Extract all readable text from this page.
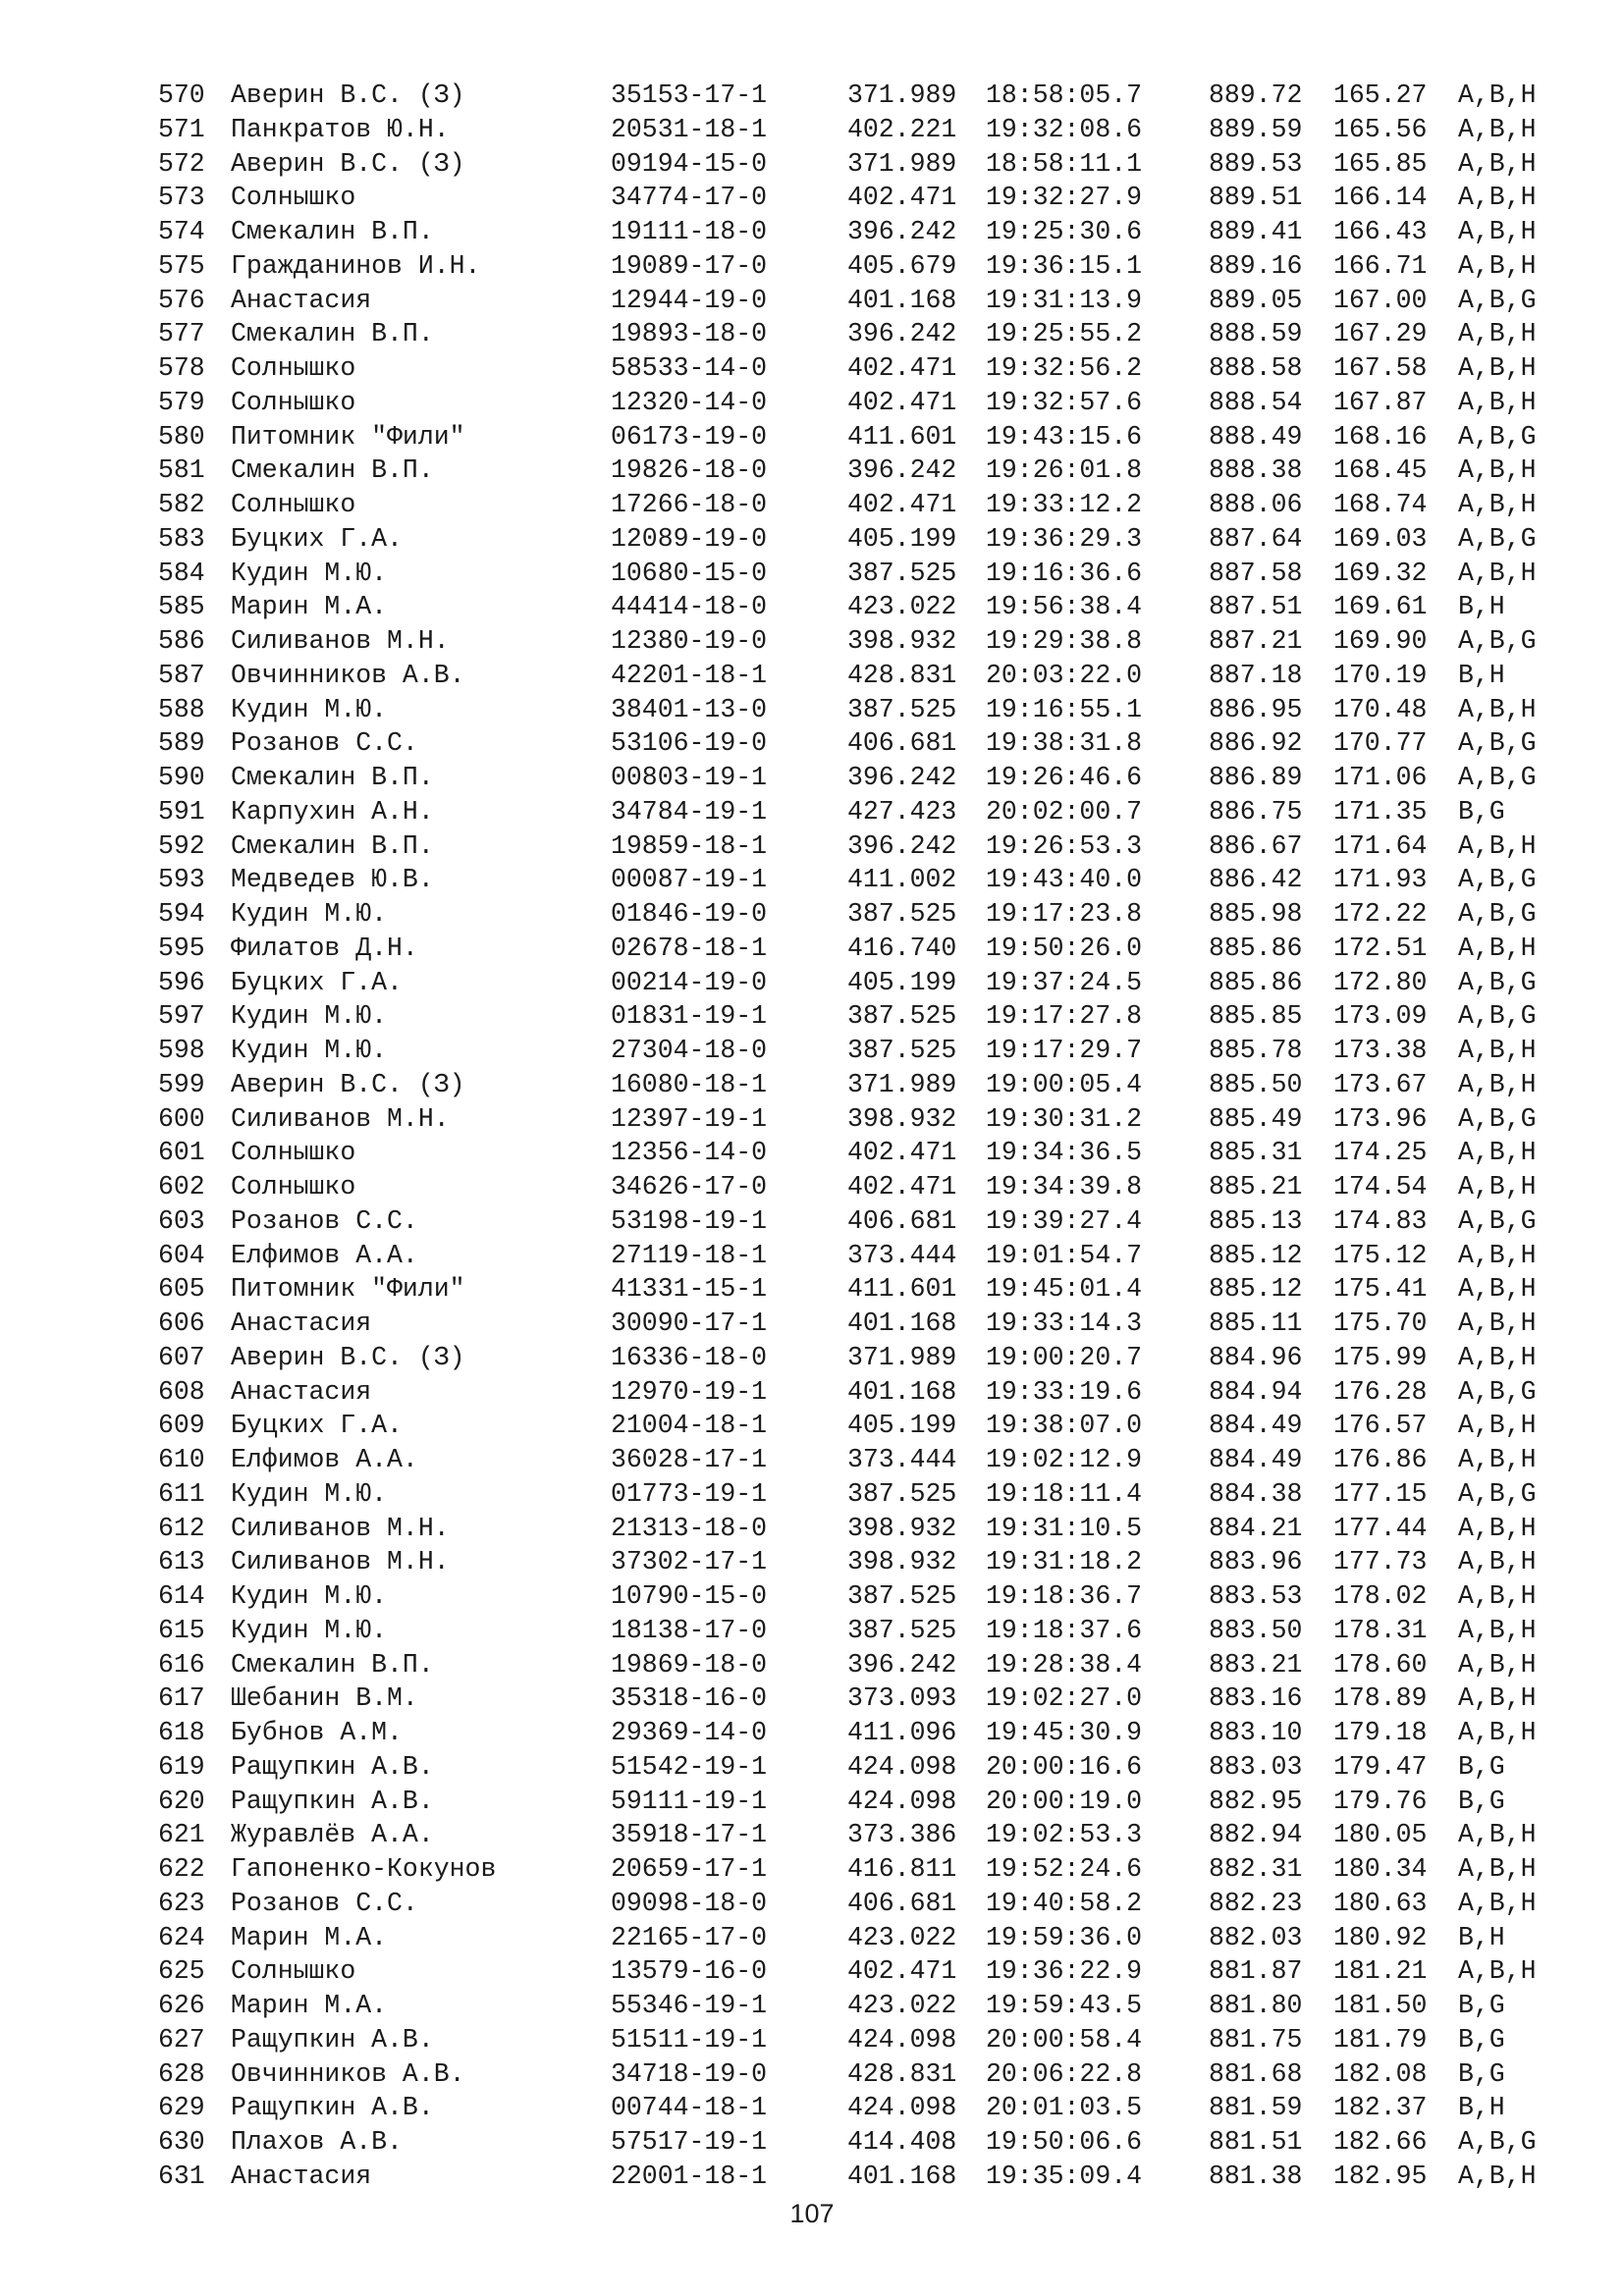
570 Аверин В.С. (З)	35153-17-1	371.989 18:58:05.7	889.72 165.27 A,B,H
571 Панкратов Ю.Н.	20531-18-1	402.221 19:32:08.6	889.59 165.56 A,B,H
572 Аверин В.С. (З)	09194-15-0	371.989 18:58:11.1	889.53 165.85 A,B,H
573 Солнышко	34774-17-0	402.471 19:32:27.9	889.51 166.14 A,B,H
574 Смекалин В.П.	19111-18-0	396.242 19:25:30.6	889.41 166.43 A,B,H
575 Гражданинов И.Н.	19089-17-0	405.679 19:36:15.1	889.16 166.71 A,B,H
576 Анастасия	12944-19-0	401.168 19:31:13.9	889.05 167.00 A,B,G
577 Смекалин В.П.	19893-18-0	396.242 19:25:55.2	888.59 167.29 A,B,H
578 Солнышко	58533-14-0	402.471 19:32:56.2	888.58 167.58 A,B,H
579 Солнышко	12320-14-0	402.471 19:32:57.6	888.54 167.87 A,B,H
580 Питомник "Фили"	06173-19-0	411.601 19:43:15.6	888.49 168.16 A,B,G
581 Смекалин В.П.	19826-18-0	396.242 19:26:01.8	888.38 168.45 A,B,H
582 Солнышко	17266-18-0	402.471 19:33:12.2	888.06 168.74 A,B,H
583 Буцких Г.А.	12089-19-0	405.199 19:36:29.3	887.64 169.03 A,B,G
584 Кудин М.Ю.	10680-15-0	387.525 19:16:36.6	887.58 169.32 A,B,H
585 Марин М.А.	44414-18-0	423.022 19:56:38.4	887.51 169.61 B,H
586 Силиванов М.Н.	12380-19-0	398.932 19:29:38.8	887.21 169.90 A,B,G
587 Овчинников А.В.	42201-18-1	428.831 20:03:22.0	887.18 170.19 B,H
588 Кудин М.Ю.	38401-13-0	387.525 19:16:55.1	886.95 170.48 A,B,H
589 Розанов С.С.	53106-19-0	406.681 19:38:31.8	886.92 170.77 A,B,G
590 Смекалин В.П.	00803-19-1	396.242 19:26:46.6	886.89 171.06 A,B,G
591 Карпухин А.Н.	34784-19-1	427.423 20:02:00.7	886.75 171.35 B,G
592 Смекалин В.П.	19859-18-1	396.242 19:26:53.3	886.67 171.64 A,B,H
593 Медведев Ю.В.	00087-19-1	411.002 19:43:40.0	886.42 171.93 A,B,G
594 Кудин М.Ю.	01846-19-0	387.525 19:17:23.8	885.98 172.22 A,B,G
595 Филатов Д.Н.	02678-18-1	416.740 19:50:26.0	885.86 172.51 A,B,H
596 Буцких Г.А.	00214-19-0	405.199 19:37:24.5	885.86 172.80 A,B,G
597 Кудин М.Ю.	01831-19-1	387.525 19:17:27.8	885.85 173.09 A,B,G
598 Кудин М.Ю.	27304-18-0	387.525 19:17:29.7	885.78 173.38 A,B,H
599 Аверин В.С. (З)	16080-18-1	371.989 19:00:05.4	885.50 173.67 A,B,H
600 Силиванов М.Н.	12397-19-1	398.932 19:30:31.2	885.49 173.96 A,B,G
601 Солнышко	12356-14-0	402.471 19:34:36.5	885.31 174.25 A,B,H
602 Солнышко	34626-17-0	402.471 19:34:39.8	885.21 174.54 A,B,H
603 Розанов С.С.	53198-19-1	406.681 19:39:27.4	885.13 174.83 A,B,G
604 Елфимов А.А.	27119-18-1	373.444 19:01:54.7	885.12 175.12 A,B,H
605 Питомник "Фили"	41331-15-1	411.601 19:45:01.4	885.12 175.41 A,B,H
606 Анастасия	30090-17-1	401.168 19:33:14.3	885.11 175.70 A,B,H
607 Аверин В.С. (З)	16336-18-0	371.989 19:00:20.7	884.96 175.99 A,B,H
608 Анастасия	12970-19-1	401.168 19:33:19.6	884.94 176.28 A,B,G
609 Буцких Г.А.	21004-18-1	405.199 19:38:07.0	884.49 176.57 A,B,H
610 Елфимов А.А.	36028-17-1	373.444 19:02:12.9	884.49 176.86 A,B,H
611 Кудин М.Ю.	01773-19-1	387.525 19:18:11.4	884.38 177.15 A,B,G
612 Силиванов М.Н.	21313-18-0	398.932 19:31:10.5	884.21 177.44 A,B,H
613 Силиванов М.Н.	37302-17-1	398.932 19:31:18.2	883.96 177.73 A,B,H
614 Кудин М.Ю.	10790-15-0	387.525 19:18:36.7	883.53 178.02 A,B,H
615 Кудин М.Ю.	18138-17-0	387.525 19:18:37.6	883.50 178.31 A,B,H
616 Смекалин В.П.	19869-18-0	396.242 19:28:38.4	883.21 178.60 A,B,H
617 Шебанин В.М.	35318-16-0	373.093 19:02:27.0	883.16 178.89 A,B,H
618 Бубнов А.М.	29369-14-0	411.096 19:45:30.9	883.10 179.18 A,B,H
619 Ращупкин А.В.	51542-19-1	424.098 20:00:16.6	883.03 179.47 B,G
620 Ращупкин А.В.	59111-19-1	424.098 20:00:19.0	882.95 179.76 B,G
621 Журавлёв А.А.	35918-17-1	373.386 19:02:53.3	882.94 180.05 A,B,H
622 Гапоненко-Кокунов	20659-17-1	416.811 19:52:24.6	882.31 180.34 A,B,H
623 Розанов С.С.	09098-18-0	406.681 19:40:58.2	882.23 180.63 A,B,H
624 Марин М.А.	22165-17-0	423.022 19:59:36.0	882.03 180.92 B,H
625 Солнышко	13579-16-0	402.471 19:36:22.9	881.87 181.21 A,B,H
626 Марин М.А.	55346-19-1	423.022 19:59:43.5	881.80 181.50 B,G
627 Ращупкин А.В.	51511-19-1	424.098 20:00:58.4	881.75 181.79 B,G
628 Овчинников А.В.	34718-19-0	428.831 20:06:22.8	881.68 182.08 B,G
629 Ращупкин А.В.	00744-18-1	424.098 20:01:03.5	881.59 182.37 B,H
630 Плахов А.В.	57517-19-1	414.408 19:50:06.6	881.51 182.66 A,B,G
631 Анастасия	22001-18-1	401.168 19:35:09.4	881.38 182.95 A,B,H
107
